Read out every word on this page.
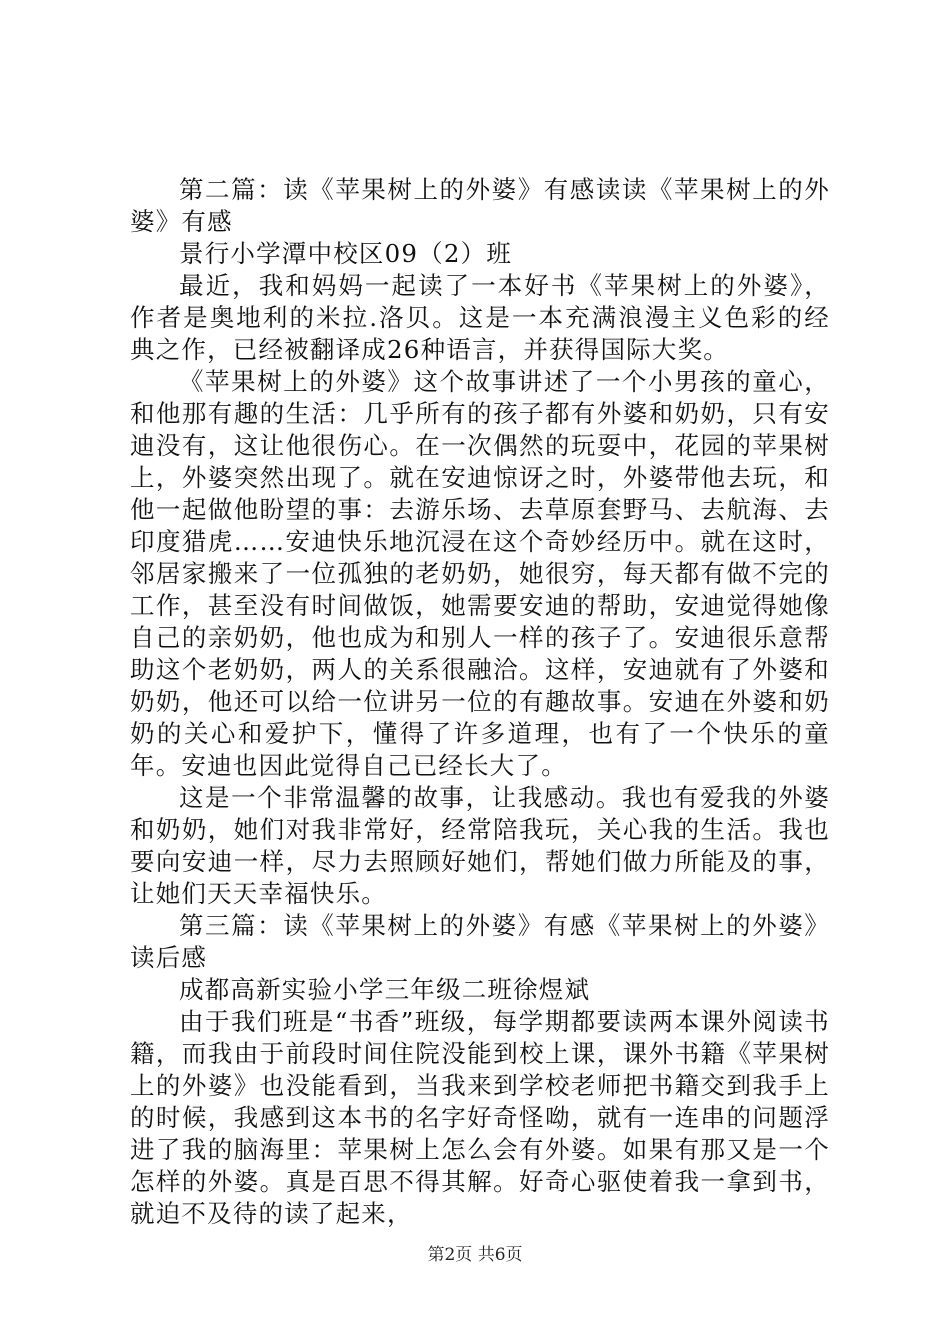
第二篇：读《苹果树上的外婆》有感读读《苹果树上的外婆》有感

景行小学潭中校区09（2）班

最近，我和妈妈一起读了一本好书《苹果树上的外婆》，作者是奥地利的米拉.洛贝。这是一本充满浪漫主义色彩的经典之作，已经被翻译成26种语言，并获得国际大奖。

《苹果树上的外婆》这个故事讲述了一个小男孩的童心，和他那有趣的生活：几乎所有的孩子都有外婆和奶奶，只有安迪没有，这让他很伤心。在一次偶然的玩耍中，花园的苹果树上，外婆突然出现了。就在安迪惊讶之时，外婆带他去玩，和他一起做他盼望的事：去游乐场、去草原套野马、去航海、去印度猎虎……安迪快乐地沉浸在这个奇妙经历中。就在这时，邻居家搬来了一位孤独的老奶奶，她很穷，每天都有做不完的工作，甚至没有时间做饭，她需要安迪的帮助，安迪觉得她像自己的亲奶奶，他也成为和别人一样的孩子了。安迪很乐意帮助这个老奶奶，两人的关系很融洽。这样，安迪就有了外婆和奶奶，他还可以给一位讲另一位的有趣故事。安迪在外婆和奶奶的关心和爱护下，懂得了许多道理，也有了一个快乐的童年。安迪也因此觉得自己已经长大了。

这是一个非常温馨的故事，让我感动。我也有爱我的外婆和奶奶，她们对我非常好，经常陪我玩，关心我的生活。我也要向安迪一样，尽力去照顾好她们，帮她们做力所能及的事，让她们天天幸福快乐。

第三篇：读《苹果树上的外婆》有感《苹果树上的外婆》读后感

成都高新实验小学三年级二班徐煜斌

由于我们班是“书香”班级，每学期都要读两本课外阅读书籍，而我由于前段时间住院没能到校上课，课外书籍《苹果树上的外婆》也没能看到，当我来到学校老师把书籍交到我手上的时候，我感到这本书的名字好奇怪呦，就有一连串的问题浮进了我的脑海里：苹果树上怎么会有外婆。如果有那又是一个怎样的外婆。真是百思不得其解。好奇心驱使着我一拿到书，就迫不及待的读了起来，

第2页 共6页
